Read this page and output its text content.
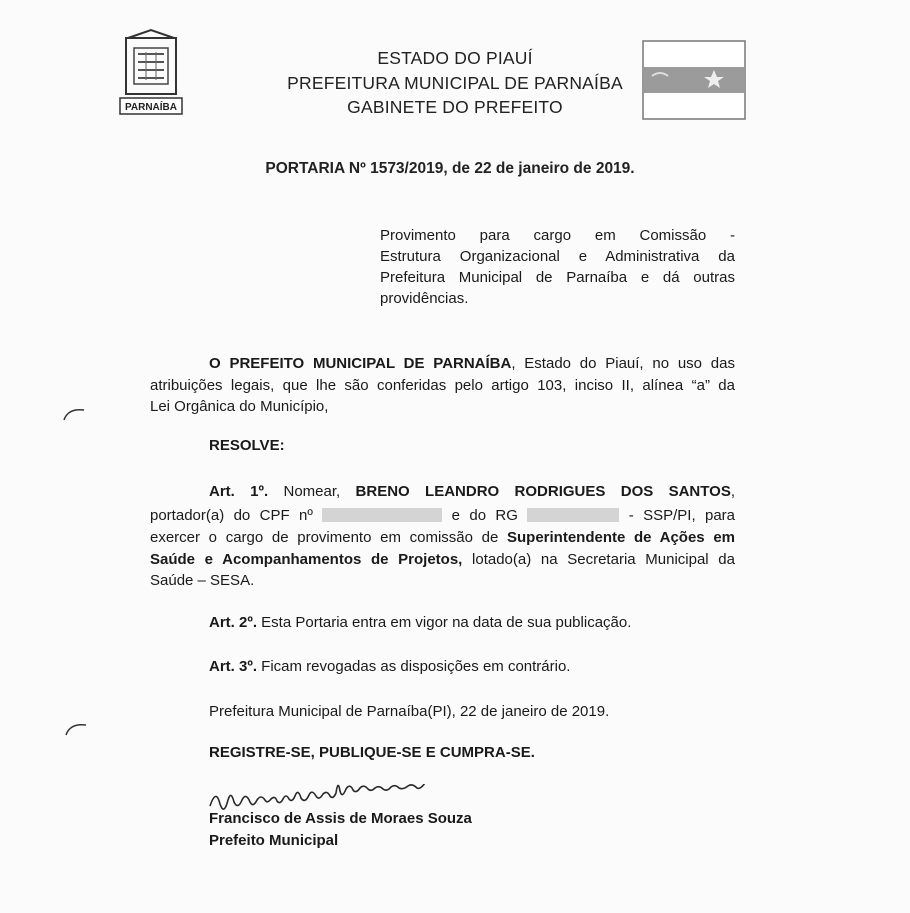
PARNAÍBA
ESTADO DO PIAUÍ
PREFEITURA MUNICIPAL DE PARNAÍBA
GABINETE DO PREFEITO
PORTARIA Nº 1573/2019, de 22 de janeiro de 2019.

Provimento para cargo em Comissão -

Estrutura Organizacional e Administrativa da

Prefeitura Municipal de Parnaíba e dá outras

providências.

O PREFEITO MUNICIPAL DE PARNAÍBA, Estado do Piauí, no uso das

atribuições legais, que lhe são conferidas pelo artigo 103, inciso II, alínea “a” da

Lei Orgânica do Município,

RESOLVE:

Art. 1º. Nomear, BRENO LEANDRO RODRIGUES DOS SANTOS,

portador(a) do CPF nº	e do RG	- SSP/PI, para

exercer o cargo de provimento em comissão de Superintendente de Ações em

Saúde e Acompanhamentos de Projetos, lotado(a) na Secretaria Municipal da

Saúde – SESA.

Art. 2º. Esta Portaria entra em vigor na data de sua publicação.

Art. 3º. Ficam revogadas as disposições em contrário.

Prefeitura Municipal de Parnaíba(PI), 22 de janeiro de 2019.

REGISTRE-SE, PUBLIQUE-SE E CUMPRA-SE.

Francisco de Assis de Moraes Souza

Prefeito Municipal
